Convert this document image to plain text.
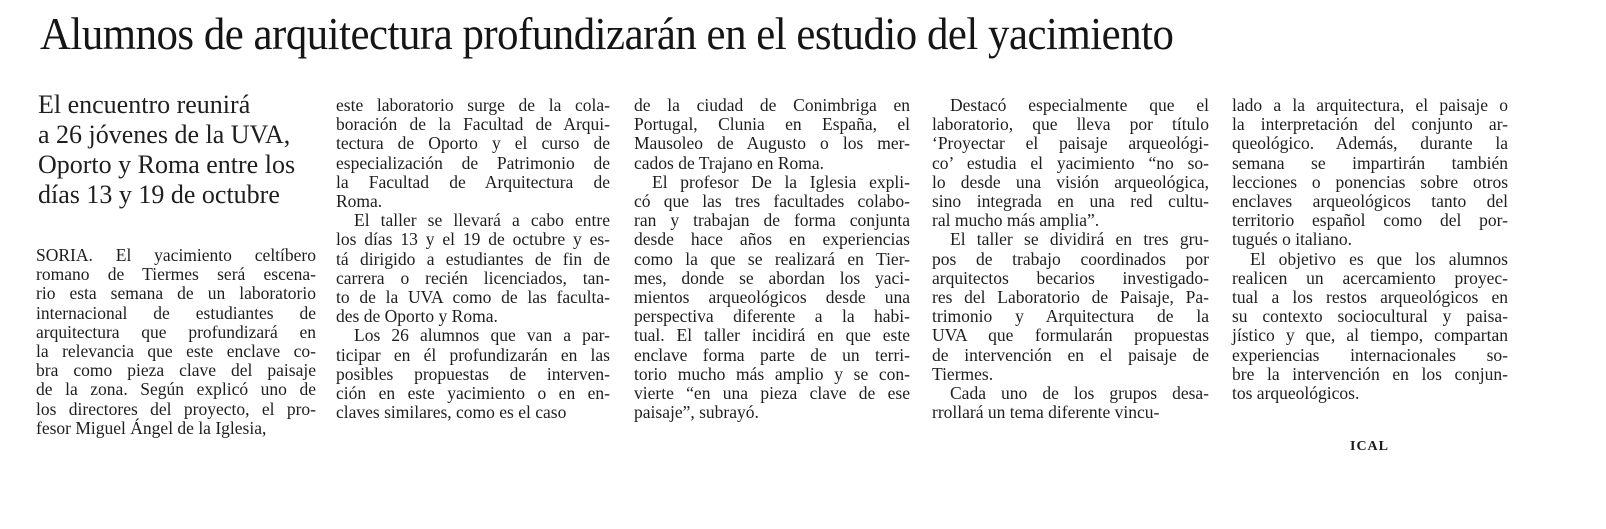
Alumnos de arquitectura profundizarán en el estudio del yacimiento
El encuentro reunirá
a 26 jóvenes de la UVA,
Oporto y Roma entre los
días 13 y 19 de octubre

SORIA. El yacimiento celtíbero
romano de Tiermes será escena-
rio esta semana de un laboratorio
internacional de estudiantes de
arquitectura que profundizará en
la relevancia que este enclave co-
bra como pieza clave del paisaje
de la zona. Según explicó uno de
los directores del proyecto, el pro-
fesor Miguel Ángel de la Iglesia,

este laboratorio surge de la cola-
boración de la Facultad de Arqui-
tectura de Oporto y el curso de
especialización de Patrimonio de
la Facultad de Arquitectura de
Roma.

El taller se llevará a cabo entre
los días 13 y el 19 de octubre y es-
tá dirigido a estudiantes de fin de
carrera o recién licenciados, tan-
to de la UVA como de las faculta-
des de Oporto y Roma.

Los 26 alumnos que van a par-
ticipar en él profundizarán en las
posibles propuestas de interven-
ción en este yacimiento o en en-
claves similares, como es el caso

de la ciudad de Conimbriga en
Portugal, Clunia en España, el
Mausoleo de Augusto o los mer-
cados de Trajano en Roma.

El profesor De la Iglesia expli-
có que las tres facultades colabo-
ran y trabajan de forma conjunta
desde hace años en experiencias
como la que se realizará en Tier-
mes, donde se abordan los yaci-
mientos arqueológicos desde una
perspectiva diferente a la habi-
tual. El taller incidirá en que este
enclave forma parte de un terri-
torio mucho más amplio y se con-
vierte “en una pieza clave de ese
paisaje”, subrayó.

Destacó especialmente que el
laboratorio, que lleva por título
‘Proyectar el paisaje arqueológi-
co’ estudia el yacimiento “no so-
lo desde una visión arqueológica,
sino integrada en una red cultu-
ral mucho más amplia”.

El taller se dividirá en tres gru-
pos de trabajo coordinados por
arquitectos becarios investigado-
res del Laboratorio de Paisaje, Pa-
trimonio y Arquitectura de la
UVA que formularán propuestas
de intervención en el paisaje de
Tiermes.

Cada uno de los grupos desa-
rrollará un tema diferente vincu-

lado a la arquitectura, el paisaje o
la interpretación del conjunto ar-
queológico. Además, durante la
semana se impartirán también
lecciones o ponencias sobre otros
enclaves arqueológicos tanto del
territorio español como del por-
tugués o italiano.

El objetivo es que los alumnos
realicen un acercamiento proyec-
tual a los restos arqueológicos en
su contexto sociocultural y paisa-
jístico y que, al tiempo, compartan
experiencias internacionales so-
bre la intervención en los conjun-
tos arqueológicos.

ICAL
